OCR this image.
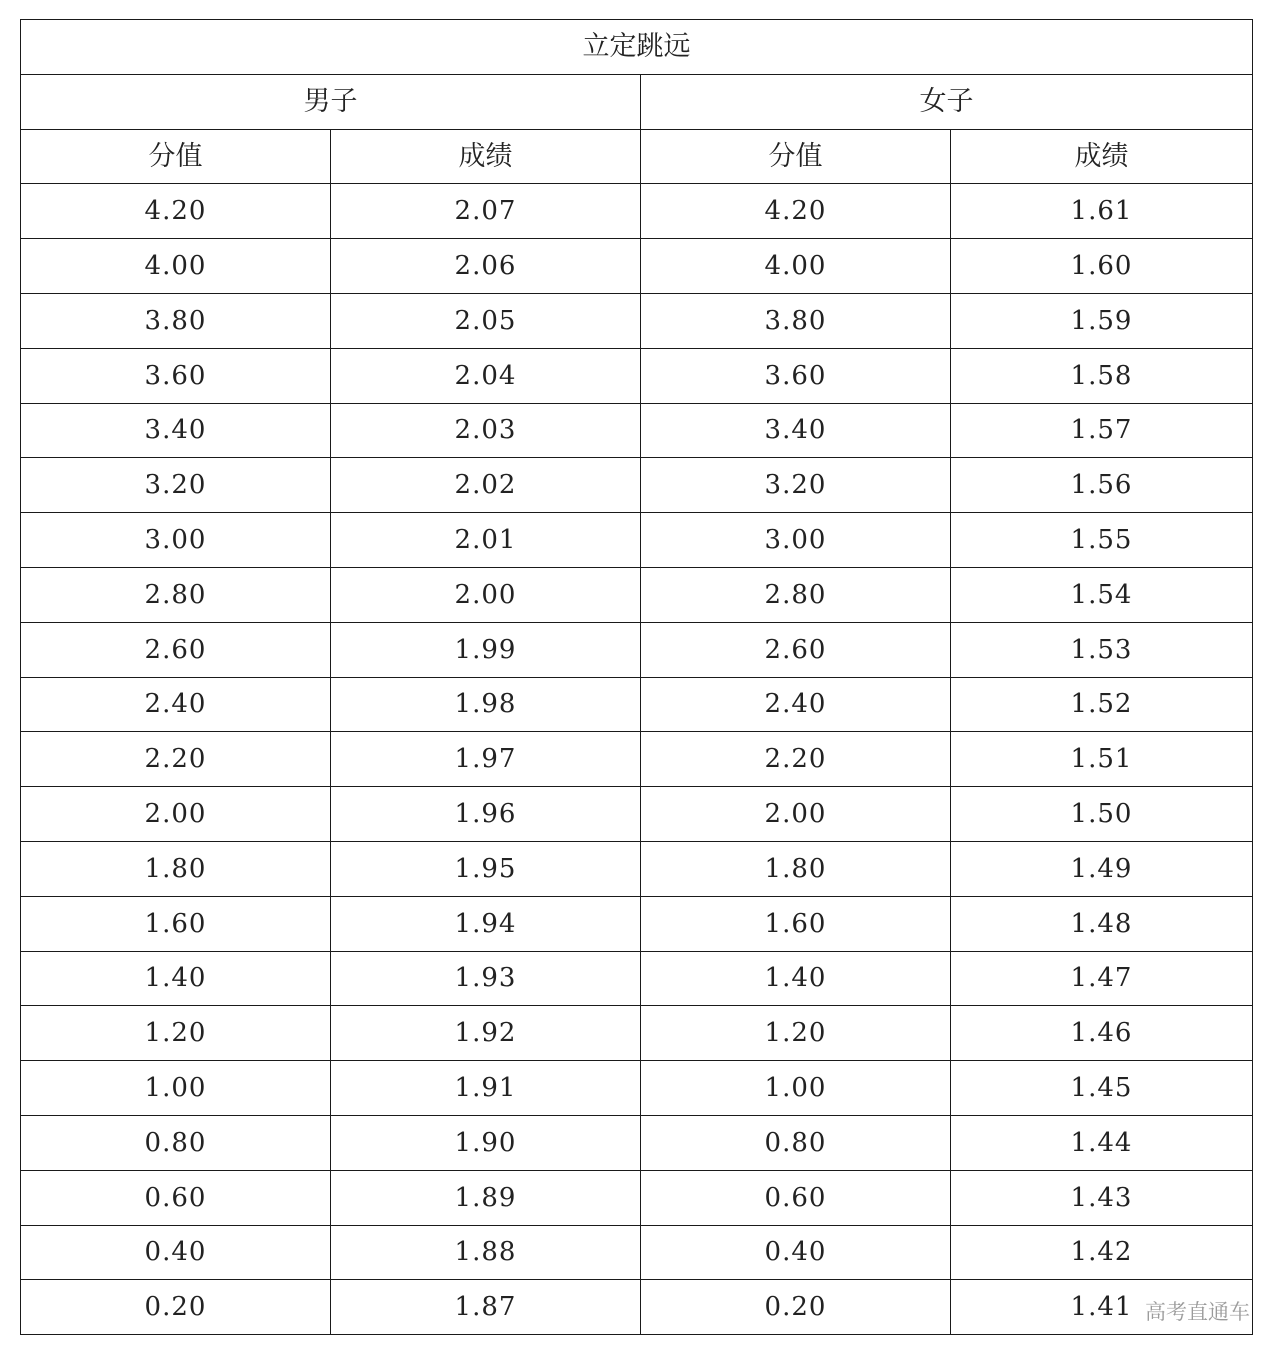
立定跳远			
男子		女子	
分值	成绩	分值	成绩
4.20	2.07	4.20	1.61
4.00	2.06	4.00	1.60
3.80	2.05	3.80	1.59
3.60	2.04	3.60	1.58
3.40	2.03	3.40	1.57
3.20	2.02	3.20	1.56
3.00	2.01	3.00	1.55
2.80	2.00	2.80	1.54
2.60	1.99	2.60	1.53
2.40	1.98	2.40	1.52
2.20	1.97	2.20	1.51
2.00	1.96	2.00	1.50
1.80	1.95	1.80	1.49
1.60	1.94	1.60	1.48
1.40	1.93	1.40	1.47
1.20	1.92	1.20	1.46
1.00	1.91	1.00	1.45
0.80	1.90	0.80	1.44
0.60	1.89	0.60	1.43
0.40	1.88	0.40	1.42
0.20	1.87	0.20	1.41 高考直通车
